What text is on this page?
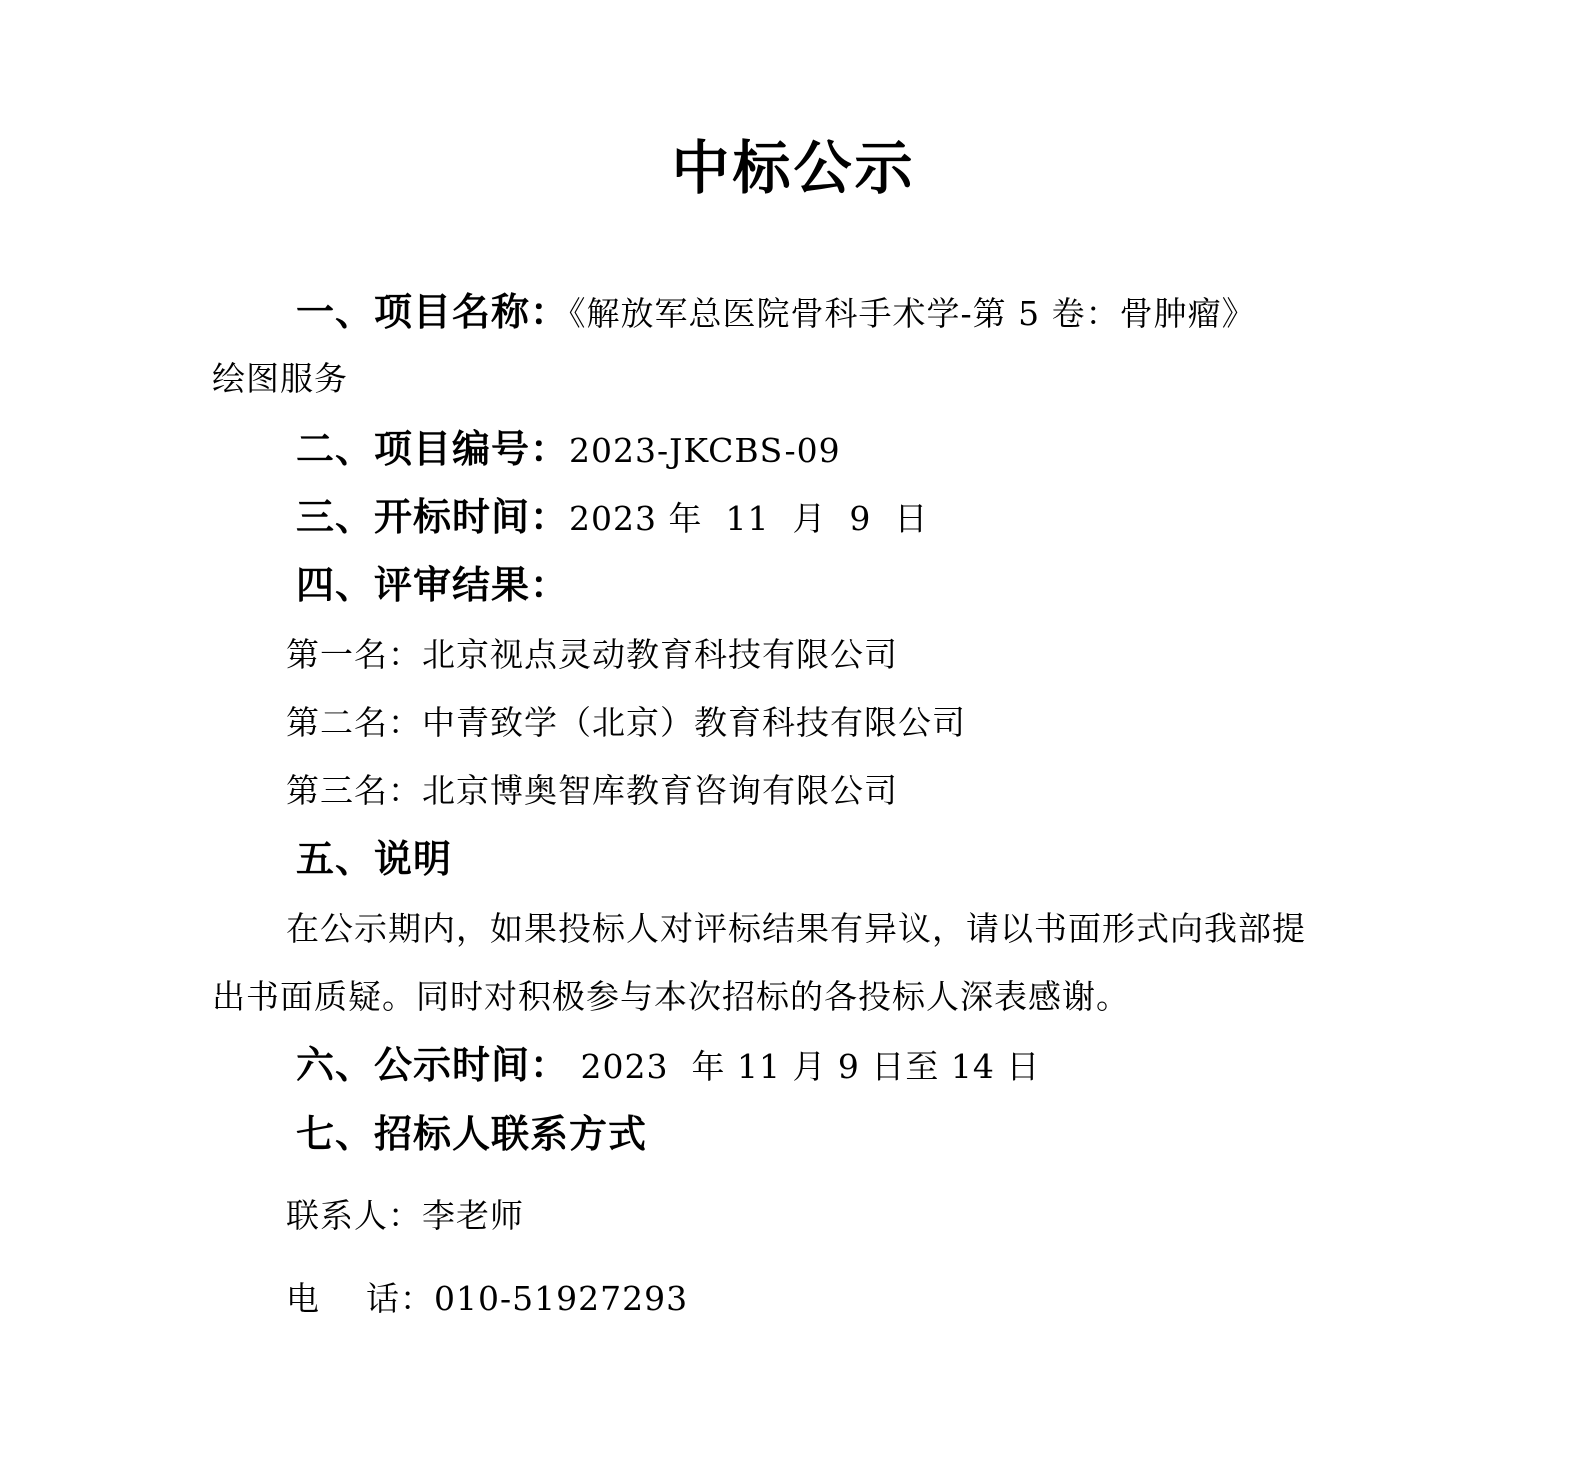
中标公示
一、项目名称：《解放军总医院骨科手术学-第 5 卷：骨肿瘤》
绘图服务
二、项目编号：2023-JKCBS-09
三、开标时间：2023 年  11  月  9  日
四、评审结果：
第一名：北京视点灵动教育科技有限公司
第二名：中青致学（北京）教育科技有限公司
第三名：北京博奥智库教育咨询有限公司
五、说明
在公示期内，如果投标人对评标结果有异议，请以书面形式向我部提
出书面质疑。同时对积极参与本次招标的各投标人深表感谢。
六、公示时间： 2023  年 11 月 9 日至 14 日
七、招标人联系方式
联系人：李老师
电    话：010-51927293
